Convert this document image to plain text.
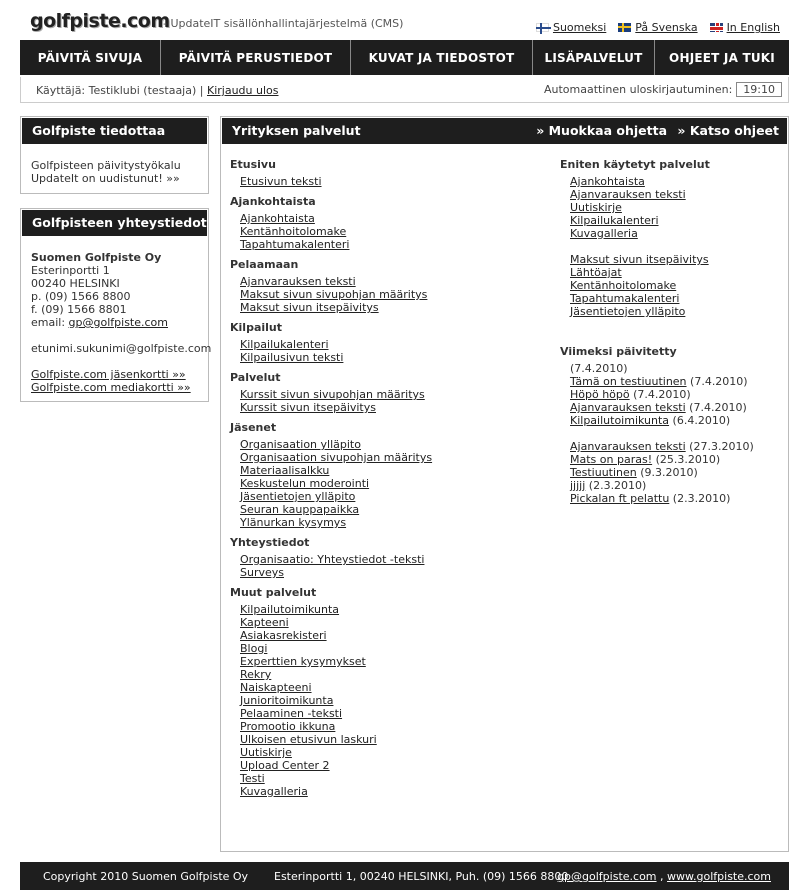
golfpiste.com
- UpdateIT sisällönhallintajärjestelmä (CMS)	Suomeksi	På Svenska	In English
PÄIVITÄ SIVUJA	PÄIVITÄ PERUSTIEDOT	KUVAT JA TIEDOSTOT	LISÄPALVELUT	OHJEET JA TUKI
Käyttäjä: Testiklubi (testaaja) | Kirjaudu ulos	Automaattinen uloskirjautuminen:	19:10
Golfpiste tiedottaa
Golfpisteen päivitystyökalu
UpdateIt on uudistunut! »»
Golfpisteen yhteystiedot
Suomen Golfpiste Oy
Esterinportti 1
00240 HELSINKI
p. (09) 1566 8800
f. (09) 1566 8801
email: gp@golfpiste.com
etunimi.sukunimi@golfpiste.com
Golfpiste.com jäsenkortti »»
Golfpiste.com mediakortti »»
Yrityksen palvelut	» Muokkaa ohjetta » Katso ohjeet
Etusivu
Etusivun teksti
Ajankohtaista
Ajankohtaista
Kentänhoitolomake
Tapahtumakalenteri
Pelaamaan
Ajanvarauksen teksti
Maksut sivun sivupohjan määritys
Maksut sivun itsepäivitys
Kilpailut
Kilpailukalenteri
Kilpailusivun teksti
Palvelut
Kurssit sivun sivupohjan määritys
Kurssit sivun itsepäivitys
Jäsenet
Organisaation ylläpito
Organisaation sivupohjan määritys
Materiaalisalkku
Keskustelun moderointi
Jäsentietojen ylläpito
Seuran kauppapaikka
Ylänurkan kysymys
Yhteystiedot
Organisaatio: Yhteystiedot -teksti
Surveys
Muut palvelut
Kilpailutoimikunta
Kapteeni
Asiakasrekisteri
Blogi
Experttien kysymykset
Rekry
Naiskapteeni
Junioritoimikunta
Pelaaminen -teksti
Promootio ikkuna
Ulkoisen etusivun laskuri
Uutiskirje
Upload Center 2
Testi
Kuvagalleria
Eniten käytetyt palvelut
Ajankohtaista
Ajanvarauksen teksti
Uutiskirje
Kilpailukalenteri
Kuvagalleria
Maksut sivun itsepäivitys
Lähtöajat
Kentänhoitolomake
Tapahtumakalenteri
Jäsentietojen ylläpito
Viimeksi päivitetty
(7.4.2010)
Tämä on testiuutinen (7.4.2010)
Höpö höpö (7.4.2010)
Ajanvarauksen teksti (7.4.2010)
Kilpailutoimikunta (6.4.2010)
Ajanvarauksen teksti (27.3.2010)
Mats on paras! (25.3.2010)
Testiuutinen (9.3.2010)
jjjjj (2.3.2010)
Pickalan ft pelattu (2.3.2010)
Copyright 2010 Suomen Golfpiste Oy Esterinportti 1, 00240 HELSINKI, Puh. (09) 1566 8800
gp@golfpiste.com , www.golfpiste.com
